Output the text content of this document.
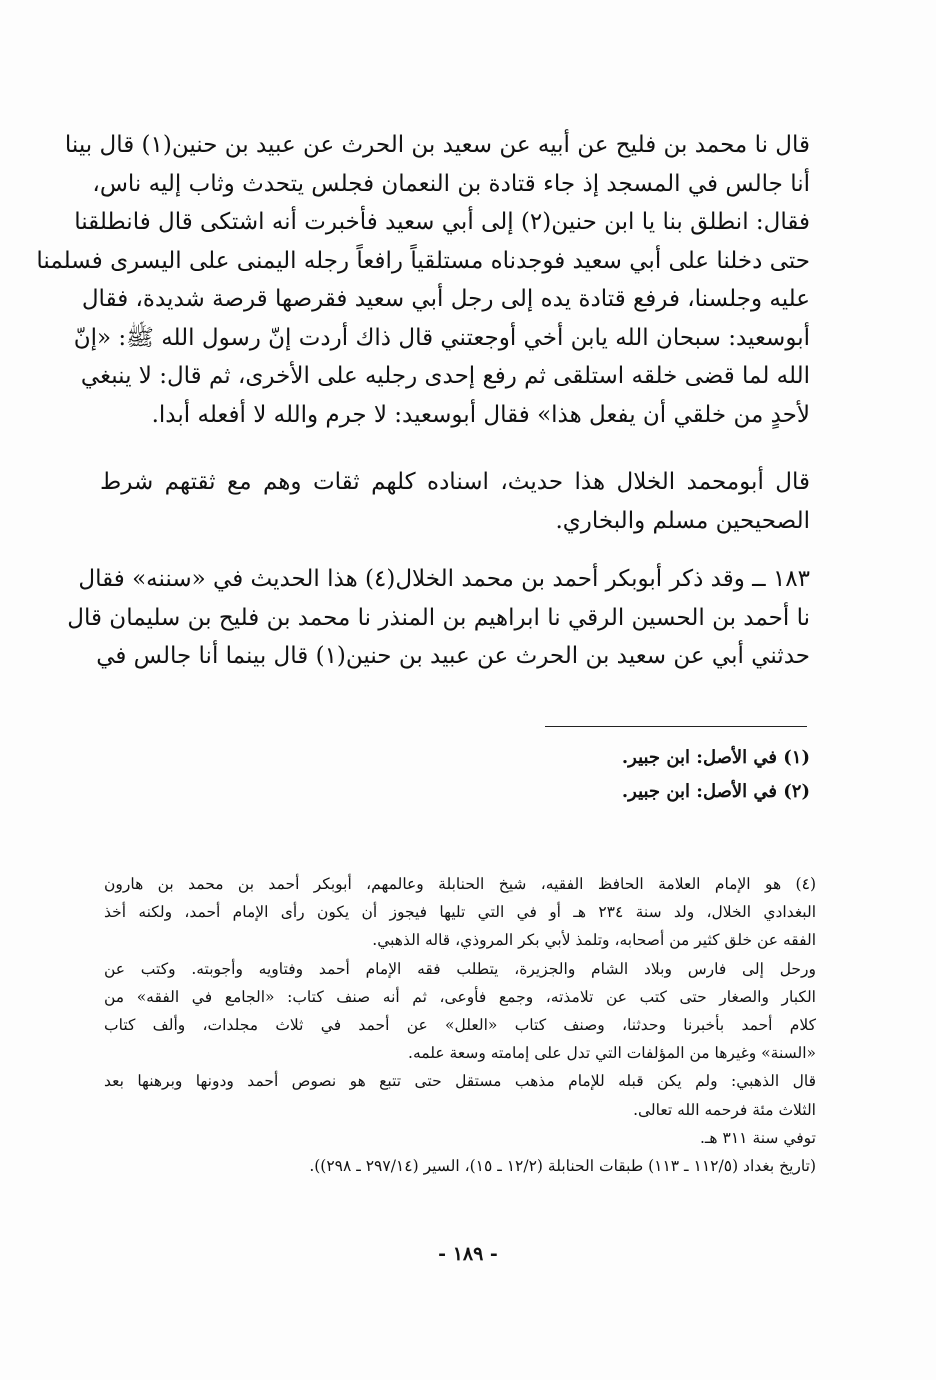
قال نا محمد بن فليح عن أبيه عن سعيد بن الحرث عن عبيد بن حنين(١) قال بينا
أنا جالس في المسجد إذ جاء قتادة بن النعمان فجلس يتحدث وثاب إليه ناس،
فقال: انطلق بنا يا ابن حنين(٢) إلى أبي سعيد فأخبرت أنه اشتكى قال فانطلقنا
حتى دخلنا على أبي سعيد فوجدناه مستلقياً رافعاً رجله اليمنى على اليسرى فسلمنا
عليه وجلسنا، فرفع قتادة يده إلى رجل أبي سعيد فقرصها قرصة شديدة، فقال
أبوسعيد: سبحان الله يابن أخي أوجعتني قال ذاك أردت إنّ رسول الله ﷺ: «إنّ
الله لما قضى خلقه استلقى ثم رفع إحدى رجليه على الأخرى، ثم قال: لا ينبغي
لأحدٍ من خلقي أن يفعل هذا» فقال أبوسعيد: لا جرم والله لا أفعله أبدا.
قال أبومحمد الخلال هذا حديث، اسناده كلهم ثقات وهم مع ثقتهم شرط
الصحيحين مسلم والبخاري.
١٨٣ ــ وقد ذكر أبوبكر أحمد بن محمد الخلال(٤) هذا الحديث في «سننه» فقال
نا أحمد بن الحسين الرقي نا ابراهيم بن المنذر نا محمد بن فليح بن سليمان قال
حدثني أبي عن سعيد بن الحرث عن عبيد بن حنين(١) قال بينما أنا جالس في
(١) في الأصل: ابن جبير.
(٢) في الأصل: ابن جبير.
(٤) هو الإمام العلامة الحافظ الفقيه، شيخ الحنابلة وعالمهم، أبوبكر أحمد بن محمد بن هارون
البغدادي الخلال، ولد سنة ٢٣٤ هـ أو في التي تليها فيجوز أن يكون رأى الإمام أحمد، ولكنه أخذ
الفقه عن خلق كثير من أصحابه، وتلمذ لأبي بكر المروذي، قاله الذهبي.
ورحل إلى فارس وبلاد الشام والجزيرة، يتطلب فقه الإمام أحمد وفتاويه وأجوبته. وكتب عن
الكبار والصغار حتى كتب عن تلامذته، وجمع فأوعى، ثم أنه صنف كتاب: «الجامع في الفقه» من
كلام أحمد بأخبرنا وحدثنا، وصنف كتاب «العلل» عن أحمد في ثلاث مجلدات، وألف كتاب
«السنة» وغيرها من المؤلفات التي تدل على إمامته وسعة علمه.
قال الذهبي: ولم يكن قبله للإمام مذهب مستقل حتى تتبع هو نصوص أحمد ودونها وبرهنها بعد
الثلاث مئة فرحمه الله تعالى.
توفي سنة ٣١١ هـ.
(تاريخ بغداد (١١٢/٥ ـ ١١٣) طبقات الحنابلة (١٢/٢ ـ ١٥)، السير (٢٩٧/١٤ ـ ٢٩٨)).
- ١٨٩ -
